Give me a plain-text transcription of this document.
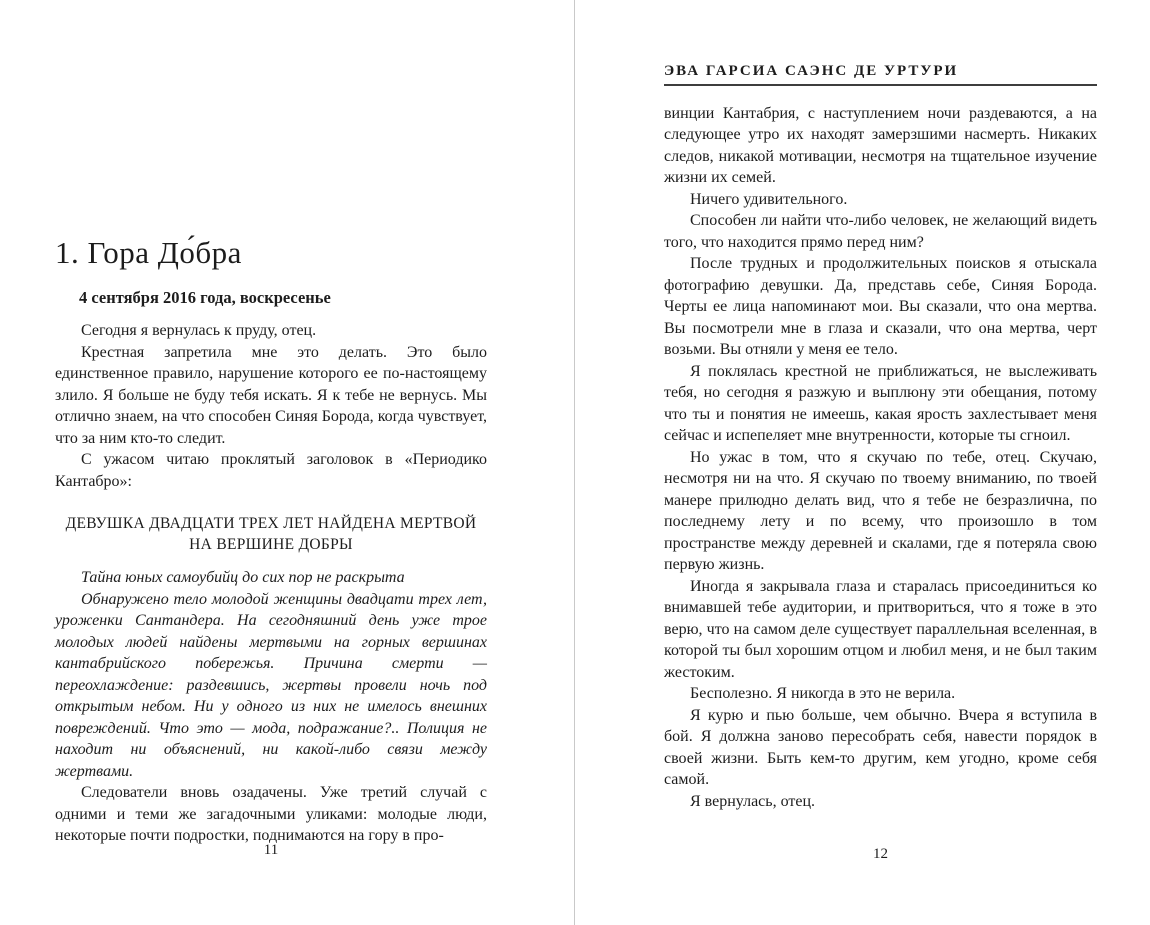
1. Гора До́бра
4 сентября 2016 года, воскресенье

Сегодня я вернулась к пруду, отец.

Крестная запретила мне это делать. Это было единственное правило, нарушение которого ее по-настоящему злило. Я больше не буду тебя искать. Я к тебе не вернусь. Мы отлично знаем, на что способен Синяя Борода, когда чувствует, что за ним кто-то следит.

С ужасом читаю проклятый заголовок в «Периодико Кантабро»:

ДЕВУШКА ДВАДЦАТИ ТРЕХ ЛЕТ НАЙДЕНА МЕРТВОЙ
НА ВЕРШИНЕ ДОБРЫ

Тайна юных самоубийц до сих пор не раскрыта

Обнаружено тело молодой женщины двадцати трех лет, уроженки Сантандера. На сегодняшний день уже трое молодых людей найдены мертвыми на горных вершинах кантабрийского побережья. Причина смерти — переохлаждение: раздевшись, жертвы провели ночь под открытым небом. Ни у одного из них не имелось внешних повреждений. Что это — мода, подражание?.. Полиция не находит ни объяснений, ни какой-либо связи между жертвами.

Следователи вновь озадачены. Уже третий случай с одними и теми же загадочными уликами: молодые люди, некоторые почти подростки, поднимаются на гору в про-

11
ЭВА ГАРСИА САЭНС ДЕ УРТУРИ

винции Кантабрия, с наступлением ночи раздеваются, а на следующее утро их находят замерзшими насмерть. Никаких следов, никакой мотивации, несмотря на тщательное изучение жизни их семей.

Ничего удивительного.

Способен ли найти что-либо человек, не желающий видеть того, что находится прямо перед ним?

После трудных и продолжительных поисков я отыскала фотографию девушки. Да, представь себе, Синяя Борода. Черты ее лица напоминают мои. Вы сказали, что она мертва. Вы посмотрели мне в глаза и сказали, что она мертва, черт возьми. Вы отняли у меня ее тело.

Я поклялась крестной не приближаться, не выслеживать тебя, но сегодня я разжую и выплюну эти обещания, потому что ты и понятия не имеешь, какая ярость захлестывает меня сейчас и испепеляет мне внутренности, которые ты сгноил.

Но ужас в том, что я скучаю по тебе, отец. Скучаю, несмотря ни на что. Я скучаю по твоему вниманию, по твоей манере прилюдно делать вид, что я тебе не безразлична, по последнему лету и по всему, что произошло в том пространстве между деревней и скалами, где я потеряла свою первую жизнь.

Иногда я закрывала глаза и старалась присоединиться ко внимавшей тебе аудитории, и притвориться, что я тоже в это верю, что на самом деле существует параллельная вселенная, в которой ты был хорошим отцом и любил меня, и не был таким жестоким.

Бесполезно. Я никогда в это не верила.

Я курю и пью больше, чем обычно. Вчера я вступила в бой. Я должна заново пересобрать себя, навести порядок в своей жизни. Быть кем-то другим, кем угодно, кроме себя самой.

Я вернулась, отец.

12
